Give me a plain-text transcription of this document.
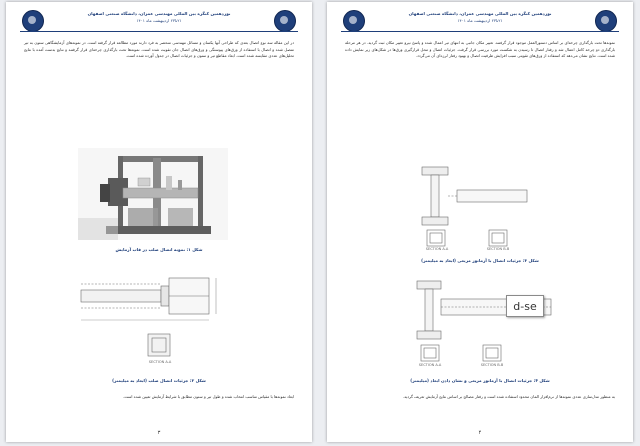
نوزدهمین کنگره بین المللی مهندسی عمران، دانشگاه صنعتی اصفهان
۲۱تا۲۳ اردیبهشت ماه ۱۴۰۱
در این مقاله سه نوع اتصال بعدی که طراحی آنها یکسان و مسائل مهندسی منحصر به فرد دارند مورد مطالعه قرار گرفته است. در نمونه‌های آزمایشگاهی ستون به تیر متصل شده و اتصال با استفاده از ورق‌های پیوستگی و ورق‌های اتصال جان تقویت شده است. نمونه‌ها تحت بارگذاری چرخه‌ای قرار گرفتند و نتایج بدست آمده با نتایج تحلیل‌های عددی مقایسه شده است. ابعاد مقاطع تیر و ستون و جزئیات اتصال در جدول آورده شده است.
شکل ۱: نمونه اتصال صلب در قاب آزمایش
SECTION A-A
شکل ۲: جزئیات اتصال صلب (ابعاد به میلیمتر)
ابعاد نمونه‌ها با مقیاس مناسب انتخاب شده و طول تیر و ستون مطابق با شرایط آزمایش تعیین شده است.
۳
نوزدهمین کنگره بین المللی مهندسی عمران، دانشگاه صنعتی اصفهان
۲۱تا۲۳ اردیبهشت ماه ۱۴۰۱
نمونه‌ها تحت بارگذاری چرخه‌ای بر اساس دستورالعمل موجود قرار گرفتند. تغییر مکان جانبی به انتهای تیر اعمال شده و پاسخ نیرو تغییر مکان ثبت گردید. در هر مرحله بارگذاری دو چرخه کامل اعمال شد و رفتار اتصال تا رسیدن به شکست مورد بررسی قرار گرفت. جزئیات اتصال و محل قرارگیری ورق‌ها در شکل‌های زیر نمایش داده شده است. نتایج نشان می‌دهد که استفاده از ورق‌های تقویتی سبب افزایش ظرفیت اتصال و بهبود رفتار لرزه‌ای آن می‌گردد.
SECTION A-A	SECTION B-B
شکل ۳: جزئیات اتصال با آرماتور مربعی (ابعاد به میلیمتر)
SECTION A-A	SECTION B-B
شکل ۴: جزئیات اتصال با آرماتور مربعی و نشان دادن ابعاد (میلیمتر)
به منظور مدل‌سازی عددی نمونه‌ها از نرم‌افزار المان محدود استفاده شده است و رفتار مصالح بر اساس نتایج آزمایش تعریف گردید.
۴
d-se
